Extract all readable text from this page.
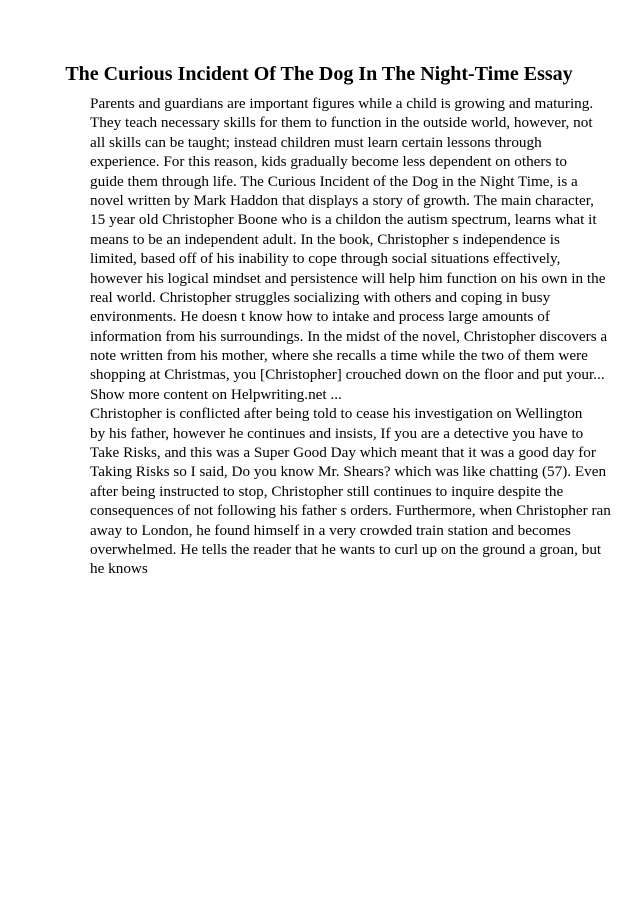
The Curious Incident Of The Dog In The Night-Time Essay
Parents and guardians are important figures while a child is growing and maturing.
They teach necessary skills for them to function in the outside world, however, not
all skills can be taught; instead children must learn certain lessons through
experience. For this reason, kids gradually become less dependent on others to
guide them through life. The Curious Incident of the Dog in the Night Time, is a
novel written by Mark Haddon that displays a story of growth. The main character,
15 year old Christopher Boone who is a childon the autism spectrum, learns what it
means to be an independent adult. In the book, Christopher s independence is
limited, based off of his inability to cope through social situations effectively,
however his logical mindset and persistence will help him function on his own in the
real world. Christopher struggles socializing with others and coping in busy
environments. He doesn t know how to intake and process large amounts of
information from his surroundings. In the midst of the novel, Christopher discovers a
note written from his mother, where she recalls a time while the two of them were
shopping at Christmas, you [Christopher] crouched down on the floor and put your...
Show more content on Helpwriting.net ...
Christopher is conflicted after being told to cease his investigation on Wellington
by his father, however he continues and insists, If you are a detective you have to
Take Risks, and this was a Super Good Day which meant that it was a good day for
Taking Risks so I said, Do you know Mr. Shears? which was like chatting (57). Even
after being instructed to stop, Christopher still continues to inquire despite the
consequences of not following his father s orders. Furthermore, when Christopher ran
away to London, he found himself in a very crowded train station and becomes
overwhelmed. He tells the reader that he wants to curl up on the ground a groan, but
he knows
